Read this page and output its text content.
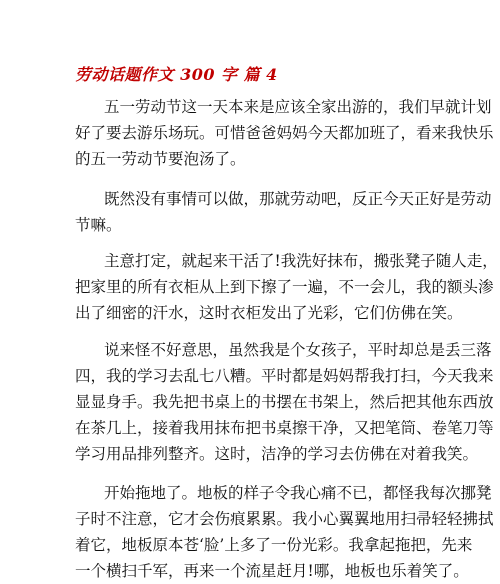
劳动话题作文 300 字 篇 4
五一劳动节这一天本来是应该全家出游的，我们早就计划
好了要去游乐场玩。可惜爸爸妈妈今天都加班了，看来我快乐
的五一劳动节要泡汤了。
既然没有事情可以做，那就劳动吧，反正今天正好是劳动
节嘛。
主意打定，就起来干活了!我洗好抹布，搬张凳子随人走，
把家里的所有衣柜从上到下擦了一遍，不一会儿，我的额头渗
出了细密的汗水，这时衣柜发出了光彩，它们仿佛在笑。
说来怪不好意思，虽然我是个女孩子，平时却总是丢三落
四，我的学习去乱七八糟。平时都是妈妈帮我打扫，今天我来
显显身手。我先把书桌上的书摆在书架上，然后把其他东西放
在茶几上，接着我用抹布把书桌擦干净，又把笔筒、卷笔刀等
学习用品排列整齐。这时，洁净的学习去仿佛在对着我笑。
开始拖地了。地板的样子令我心痛不已，都怪我每次挪凳
子时不注意，它才会伤痕累累。我小心翼翼地用扫帚轻轻拂拭
着它，地板原本苍‘脸’上多了一份光彩。我拿起拖把，先来
一个横扫千军，再来一个流星赶月!哪，地板也乐着笑了。
